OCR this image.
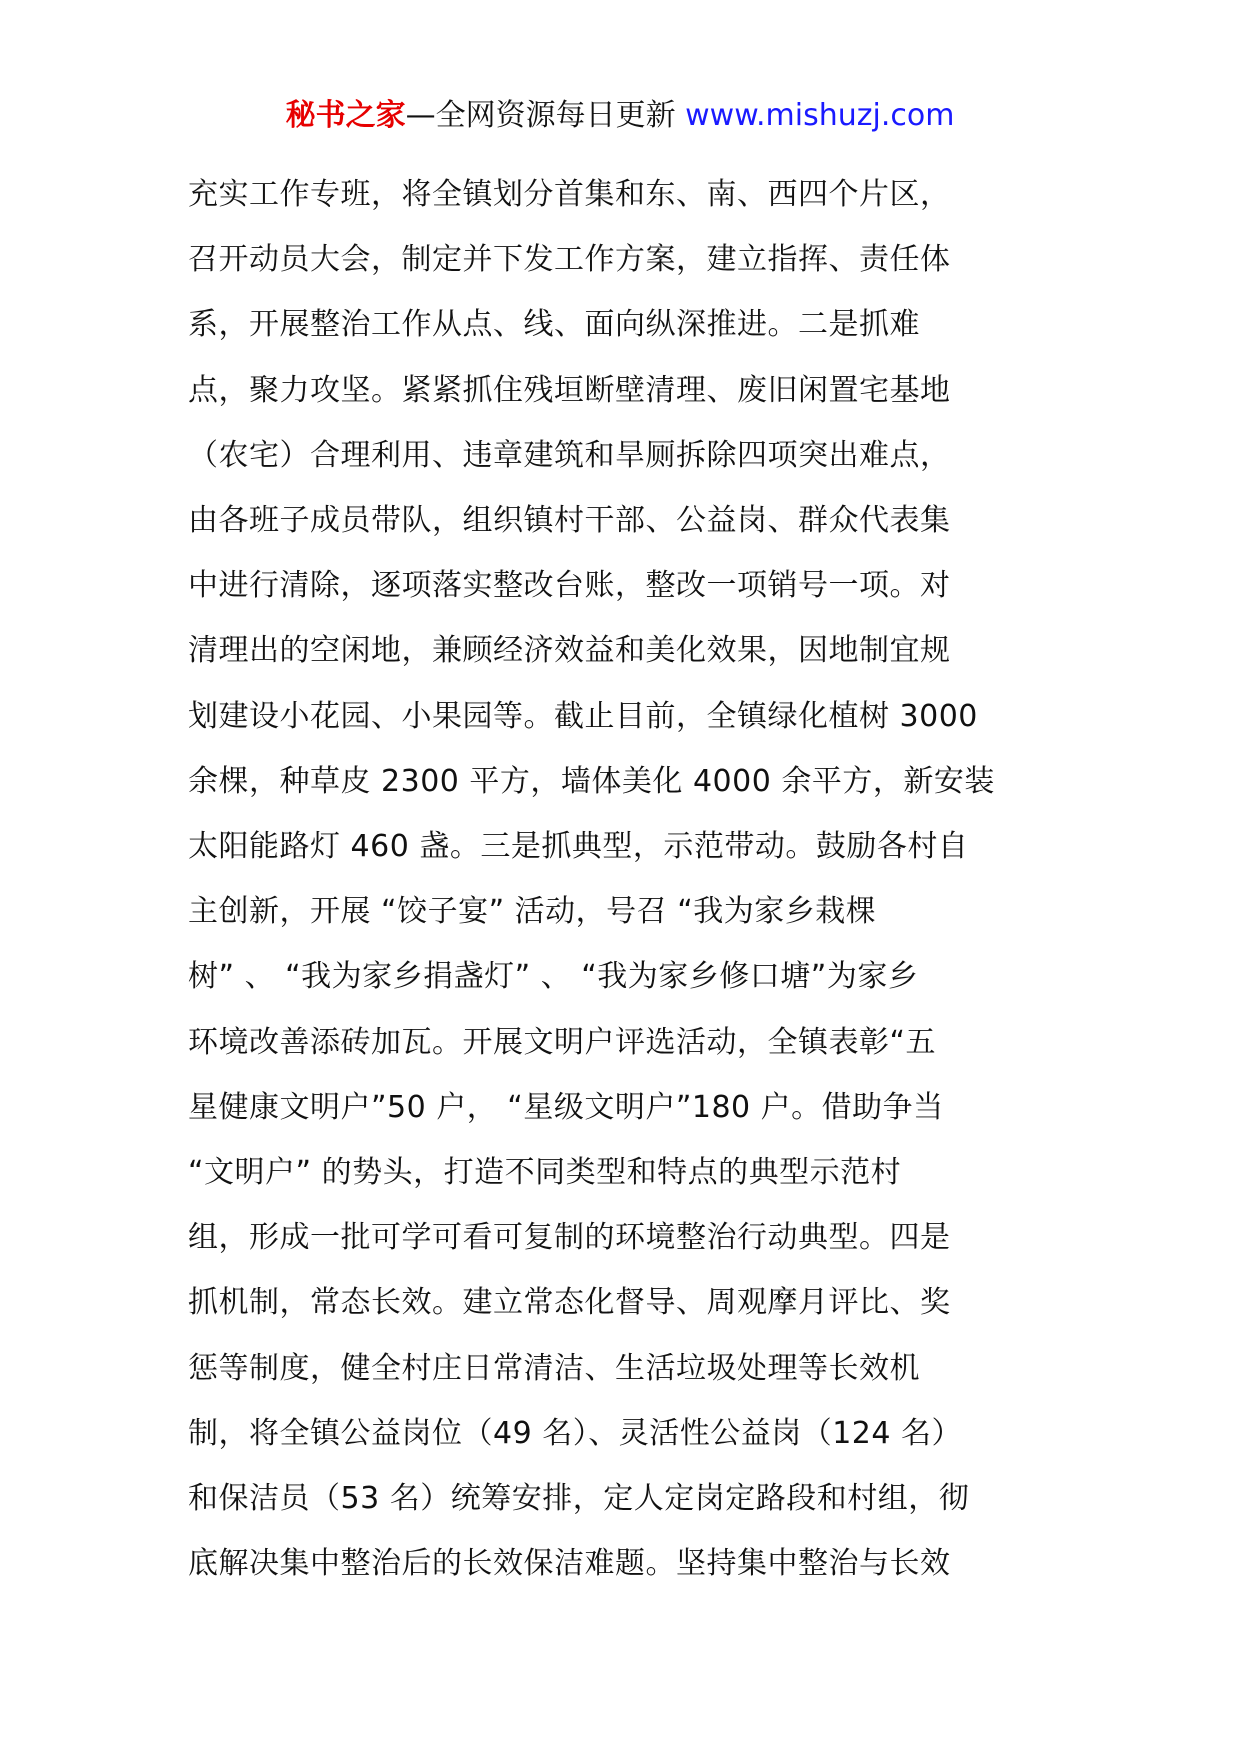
秘书之家—全网资源每日更新 www.mishuzj.com
充实工作专班，将全镇划分首集和东、南、西四个片区，
召开动员大会，制定并下发工作方案，建立指挥、责任体
系，开展整治工作从点、线、面向纵深推进。二是抓难
点，聚力攻坚。紧紧抓住残垣断壁清理、废旧闲置宅基地
（农宅）合理利用、违章建筑和旱厕拆除四项突出难点，
由各班子成员带队，组织镇村干部、公益岗、群众代表集
中进行清除，逐项落实整改台账，整改一项销号一项。对
清理出的空闲地，兼顾经济效益和美化效果，因地制宜规
划建设小花园、小果园等。截止目前，全镇绿化植树 3000
余棵，种草皮 2300 平方，墙体美化 4000 余平方，新安装
太阳能路灯 460 盏。三是抓典型，示范带动。鼓励各村自
主创新，开展 “饺子宴” 活动，号召 “我为家乡栽棵
树” 、 “我为家乡捐盏灯” 、 “我为家乡修口塘”为家乡
环境改善添砖加瓦。开展文明户评选活动，全镇表彰“五
星健康文明户”50 户， “星级文明户”180 户。借助争当
“文明户” 的势头，打造不同类型和特点的典型示范村
组，形成一批可学可看可复制的环境整治行动典型。四是
抓机制，常态长效。建立常态化督导、周观摩月评比、奖
惩等制度，健全村庄日常清洁、生活垃圾处理等长效机
制，将全镇公益岗位（49 名）、灵活性公益岗（124 名）
和保洁员（53 名）统筹安排，定人定岗定路段和村组，彻
底解决集中整治后的长效保洁难题。坚持集中整治与长效
